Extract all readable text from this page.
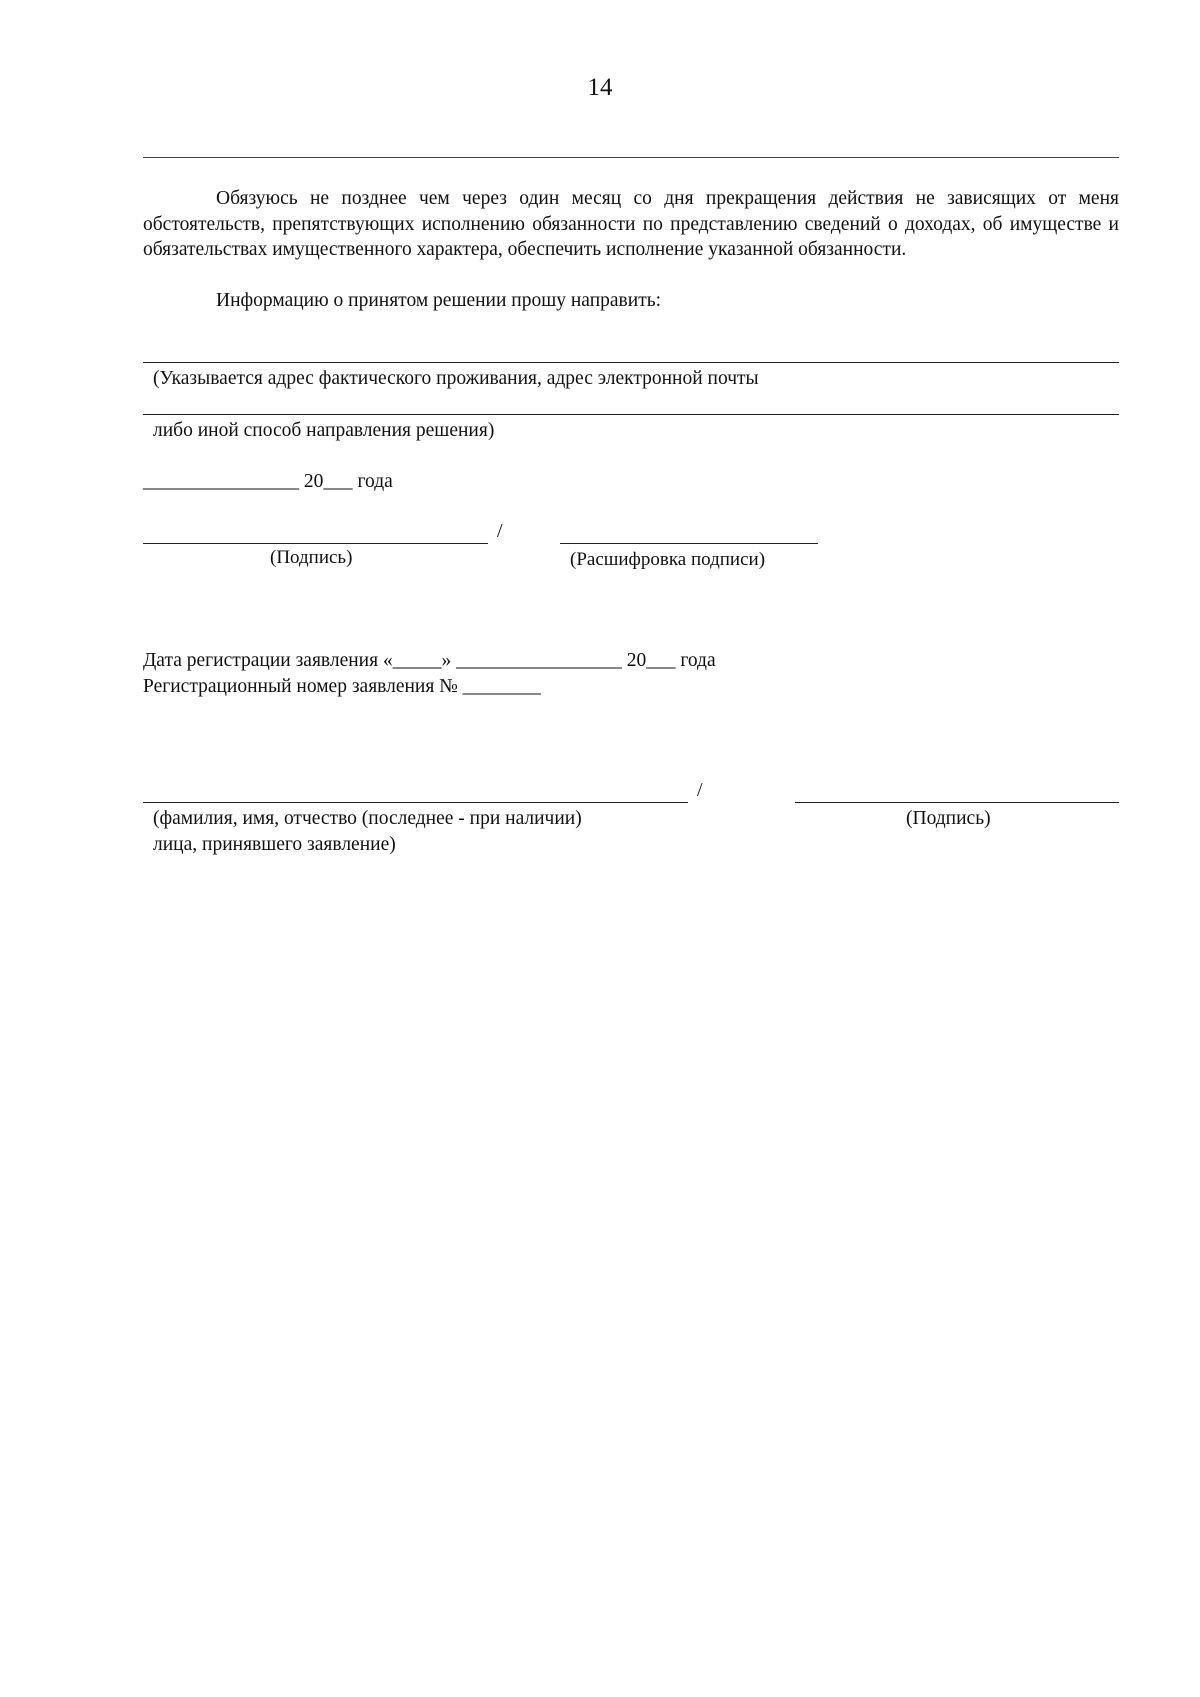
14
Обязуюсь не позднее чем через один месяц со дня прекращения действия не зависящих от меня обстоятельств, препятствующих исполнению обязанности по представлению сведений о доходах, об имуществе и обязательствах имущественного характера, обеспечить исполнение указанной обязанности.
Информацию о принятом решении прошу направить:
(Указывается адрес фактического проживания, адрес электронной почты
либо иной способ направления решения)
________________ 20___ года
/
(Подпись)	(Расшифровка подписи)
Дата регистрации заявления «_____» _________________ 20___ года
Регистрационный номер заявления № ________
/
(фамилия, имя, отчество (последнее - при наличии)
лица, принявшего заявление)
(Подпись)
